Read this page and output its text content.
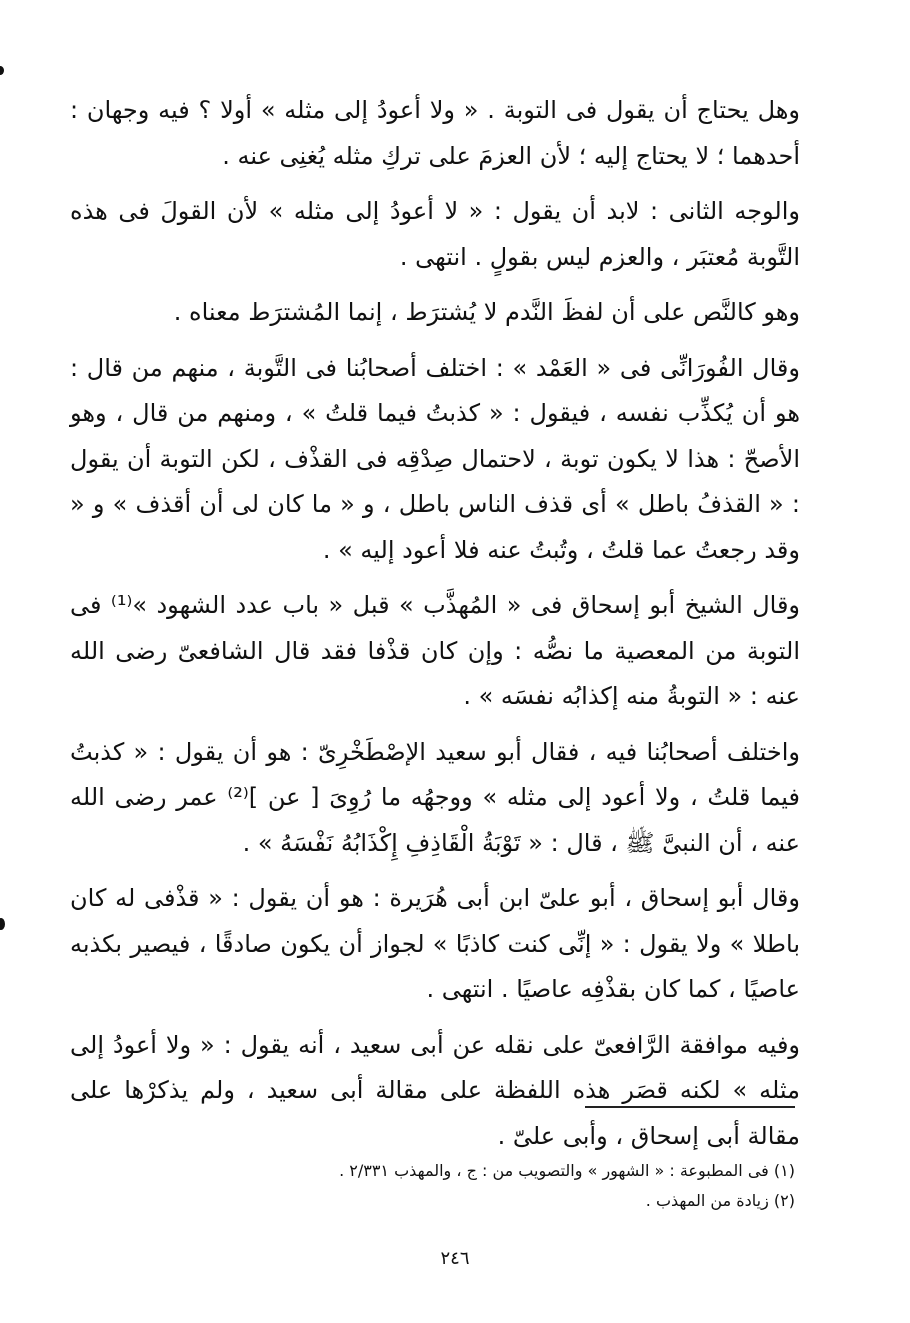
وهل يحتاج أن يقول فى التوبة . « ولا أعودُ إلى مثله » أولا ؟ فيه وجهان : أحدهما ؛ لا يحتاج إليه ؛ لأن العزمَ على تركِ مثله يُغنِى عنه .

والوجه الثانى : لابد أن يقول : « لا أعودُ إلى مثله » لأن القولَ فى هذه التَّوبة مُعتبَر ، والعزم ليس بقولٍ . انتهى .

وهو كالنَّص على أن لفظَ النَّدم لا يُشترَط ، إنما المُشترَط معناه .

وقال الفُورَانِّى فى « العَمْد » : اختلف أصحابُنا فى التَّوبة ، منهم من قال : هو أن يُكذِّب نفسه ، فيقول : « كذبتُ فيما قلتُ » ، ومنهم من قال ، وهو الأصحّ : هذا لا يكون توبة ، لاحتمال صِدْقِه فى القذْف ، لكن التوبة أن يقول : « القذفُ باطل » أى قذف الناس باطل ، و « ما كان لى أن أقذف » و « وقد رجعتُ عما قلتُ ، وتُبتُ عنه فلا أعود إليه » .

وقال الشيخ أبو إسحاق فى « المُهذَّب » قبل « باب عدد الشهود »⁽¹⁾ فى التوبة من المعصية ما نصُّه : وإن كان قذْفا فقد قال الشافعىّ رضى الله عنه : « التوبةُ منه إكذابُه نفسَه » .

واختلف أصحابُنا فيه ، فقال أبو سعيد الإصْطَخْرِىّ : هو أن يقول : « كذبتُ فيما قلتُ ، ولا أعود إلى مثله » ووجهُه ما رُوِىَ [ عن ]⁽²⁾ عمر رضى الله عنه ، أن النبىَّ ﷺ ، قال : « تَوْبَةُ الْقَاذِفِ إِكْذَابُهُ نَفْسَهُ » .

وقال أبو إسحاق ، أبو علىّ ابن أبى هُرَيرة : هو أن يقول : « قذْفى له كان باطلا » ولا يقول : « إنِّى كنت كاذبًا » لجواز أن يكون صادقًا ، فيصير بكذبه عاصيًا ، كما كان بقذْفِه عاصيًا . انتهى .

وفيه موافقة الرَّافعىّ على نقله عن أبى سعيد ، أنه يقول : « ولا أعودُ إلى مثله » لكنه قصَر هذه اللفظة على مقالة أبى سعيد ، ولم يذكرْها على مقالة أبى إسحاق ، وأبى علىّ .

(١) فى المطبوعة : « الشهور » والتصويب من : ج ، والمهذب ٢/٣٣١ .

(٢) زيادة من المهذب .

٢٤٦
